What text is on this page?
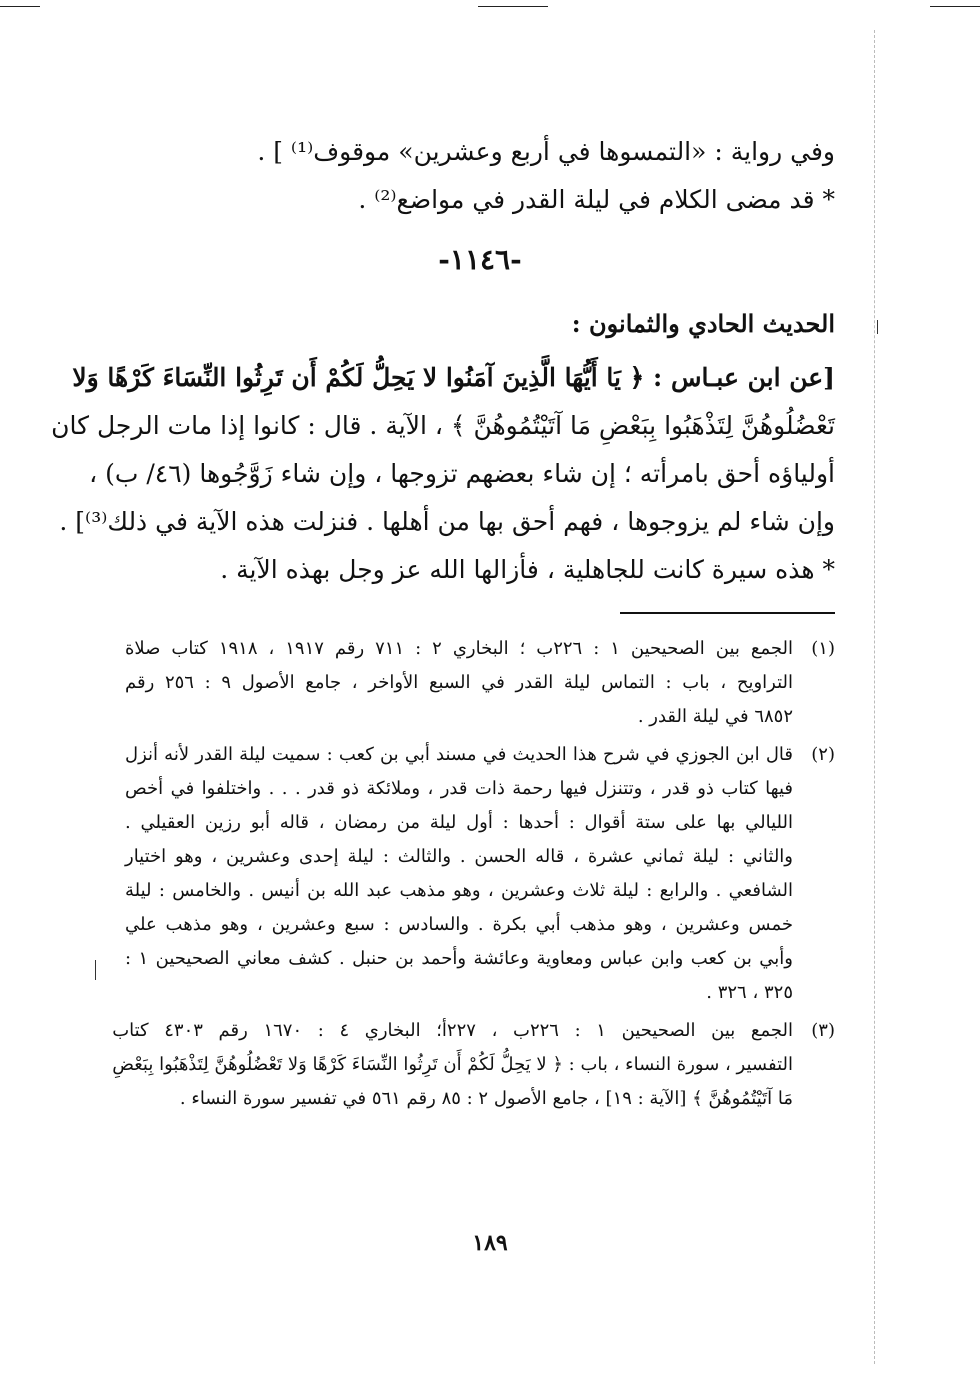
وفي رواية : «التمسوها في أربع وعشرين» موقوف⁽¹⁾ ] .

* قد مضى الكلام في ليلة القدر في مواضع⁽²⁾ .

-١١٤٦-

الحديث الحادي والثمانون :

[عن ابن عبـاس : ﴿ يَا أَيُّهَا الَّذِينَ آمَنُوا لا يَحِلُّ لَكُمْ أَن تَرِثُوا النِّسَاءَ كَرْهًا وَلا

تَعْضُلُوهُنَّ لِتَذْهَبُوا بِبَعْضِ مَا آتَيْتُمُوهُنَّ ﴾ ، الآية . قال : كانوا إذا مات الرجل كان

أولياؤه أحق بامرأته ؛ إن شاء بعضهم تزوجها ، وإن شاء زَوَّجُوها (٤٦/ ب) ،

وإن شاء لم يزوجوها ، فهم أحق بها من أهلها . فنزلت هذه الآية في ذلك⁽³⁾] .

* هذه سيرة كانت للجاهلية ، فأزالها الله عز وجل بهذه الآية .

(١)

الجمع بين الصحيحين ١ : ٢٢٦ب ؛ البخاري ٢ : ٧١١ رقم ١٩١٧ ، ١٩١٨ كتاب صلاة

التراويح ، باب : التماس ليلة القدر في السبع الأواخر ، جامع الأصول ٩ : ٢٥٦ رقم

٦٨٥٢ في ليلة القدر .

(٢)

قال ابن الجوزي في شرح هذا الحديث في مسند أبي بن كعب : سميت ليلة القدر لأنه أنزل

فيها كتاب ذو قدر ، وتتنزل فيها رحمة ذات قدر ، وملائكة ذو قدر . . . واختلفوا في أخص

الليالي بها على ستة أقوال : أحدها : أول ليلة من رمضان ، قاله أبو رزين العقيلي .

والثاني : ليلة ثماني عشرة ، قاله الحسن . والثالث : ليلة إحدى وعشرين ، وهو اختيار

الشافعي . والرابع : ليلة ثلاث وعشرين ، وهو مذهب عبد الله بن أنيس . والخامس : ليلة

خمس وعشرين ، وهو مذهب أبي بكرة . والسادس : سبع وعشرين ، وهو مذهب علي

وأبي بن كعب وابن عباس ومعاوية وعائشة وأحمد بن حنبل . كشف معاني الصحيحين ١ :

٣٢٥ ، ٣٢٦ .

(٣)

الجمع بين الصحيحين ١ : ٢٢٦ب ، ٢٢٧أ؛ البخاري ٤ : ١٦٧٠ رقم ٤٣٠٣ كتاب

التفسير ، سورة النساء ، باب : ﴿ لا يَحِلُّ لَكُمْ أَن تَرِثُوا النِّسَاءَ كَرْهًا وَلا تَعْضُلُوهُنَّ لِتَذْهَبُوا بِبَعْضِ

مَا آتَيْتُمُوهُنَّ ﴾ [الآية : ١٩] ، جامع الأصول ٢ : ٨٥ رقم ٥٦١ في تفسير سورة النساء .

١٨٩
